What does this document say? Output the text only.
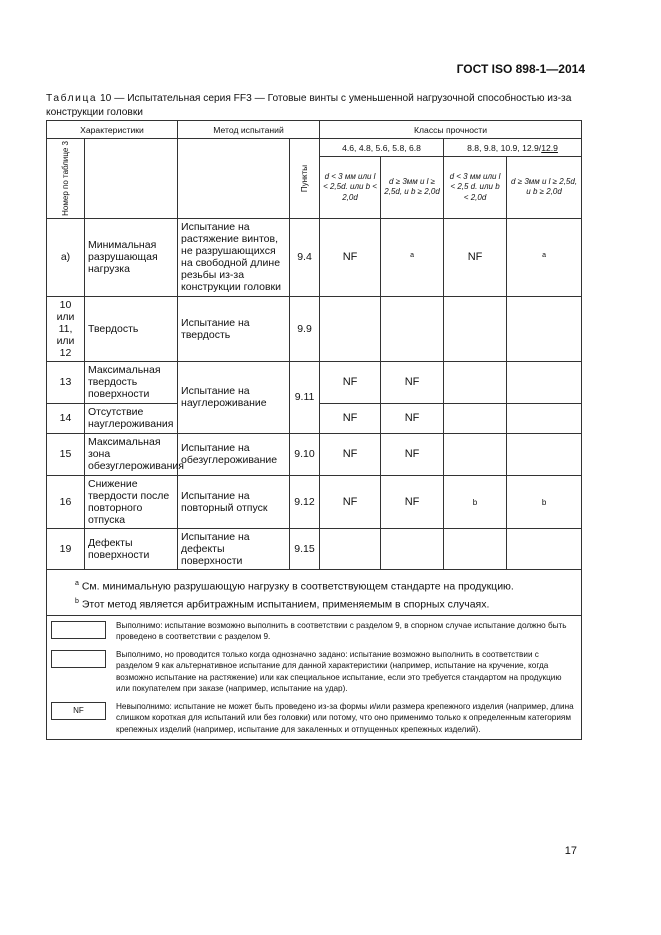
ГОСТ ISO 898-1—2014
Таблица 10 — Испытательная серия FF3 — Готовые винты с уменьшенной нагрузочной способностью из-за конструкции головки
Характеристики		Метод испытаний		Классы прочности			

Номер по таблице 3			Пункты	4.6, 4.8, 5.6, 5.8, 6.8		8.8, 9.8, 10.9, 12.9/12.9	
				d < 3 мм или l < 2,5d. или b < 2,0d	d ≥ 3мм и l ≥ 2,5d, и b ≥ 2,0d	d < 3 мм или l < 2,5 d. или b < 2,0d	d ≥ 3мм и l ≥ 2,5d, и b ≥ 2,0d
a)	Минимальная разрушающая нагрузка	Испытание на растяжение винтов, не разрушающихся на свободной длине резьбы из-за конструкции головки	9.4	NF	$^a$	NF	$^a$
10 или 11, или 12	Твердость	Испытание на твердость	9.9				
13	Максимальная твердость поверхности	Испытание на науглероживание	9.11	NF	NF		
14	Отсутствие науглероживания			NF	NF		
15	Максимальная зона обезуглероживания	Испытание на обезуглероживание	9.10	NF	NF		
16	Снижение твердости после повторного отпуска	Испытание на повторный отпуск	9.12	NF	NF	b	b
19	Дефекты поверхности	Испытание на дефекты поверхности	9.15				

$^a$ См. минимальную разрушающую нагрузку в соответствующем стандарте на продукцию.
$^b$ Этот метод является арбитражным испытанием, применяемым в спорных случаях.							

Выполнимо: испытание возможно выполнить в соответствии с разделом 9, в спорном случае испытание должно быть проведено в соответствии с разделом 9.
Выполнимо, но проводится только когда однозначно задано: испытание возможно выполнить в соответствии с разделом 9 как альтернативное испытание для данной характеристики (например, испытание на кручение, когда возможно испытание на растяжение) или как специальное испытание, если это требуется стандартом на продукцию или покупателем при заказе (например, испытание на удар).
NF Невыполнимо: испытание не может быть проведено из-за формы и/или размера крепежного изделия (например, длина слишком короткая для испытаний или без головки) или потому, что оно применимо только к определенным категориям крепежных изделий (например, испытание для закаленных и отпущенных крепежных изделий).							
17
